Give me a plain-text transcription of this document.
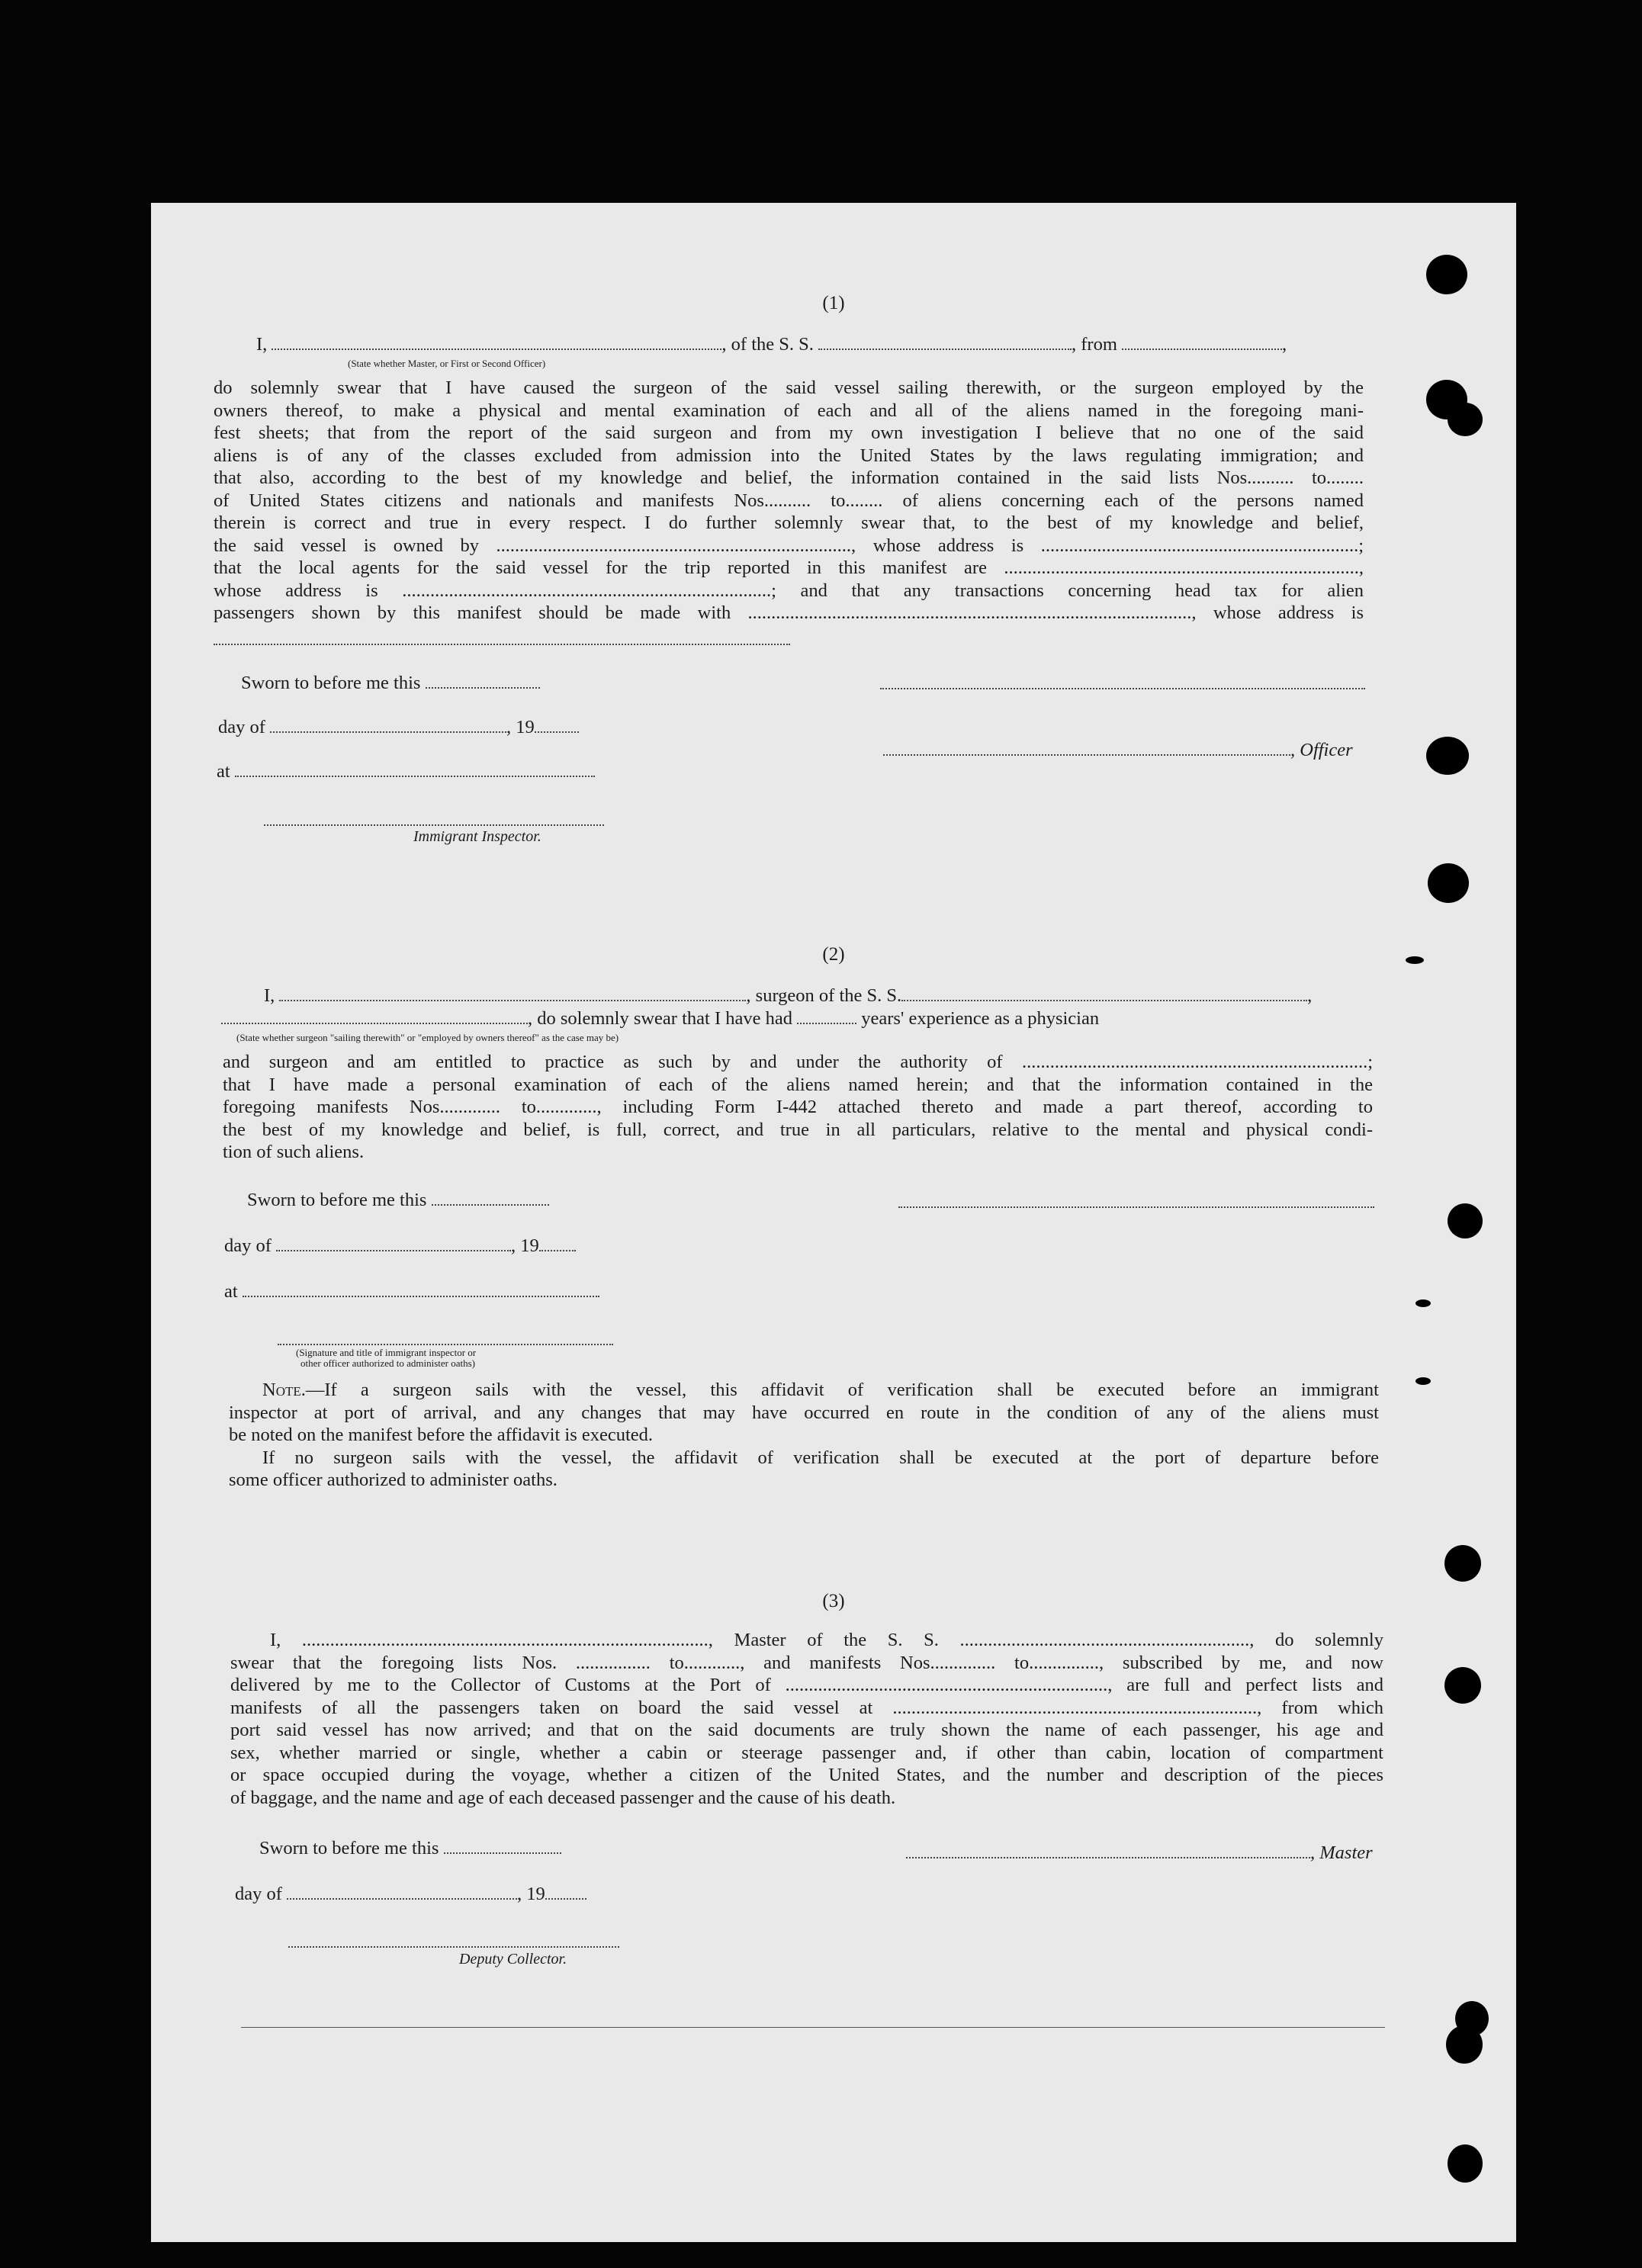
(1)
I,	, of the S. S.	, from	,
(State whether Master, or First or Second Officer)
do solemnly swear that I have caused the surgeon of the said vessel sailing therewith, or the surgeon employed by the
owners thereof, to make a physical and mental examination of each and all of the aliens named in the foregoing mani-
fest sheets; that from the report of the said surgeon and from my own investigation I believe that no one of the said
aliens is of any of the classes excluded from admission into the United States by the laws regulating immigration; and
that also, according to the best of my knowledge and belief, the information contained in the said lists Nos.......... to........
of United States citizens and nationals and manifests Nos.......... to........ of aliens concerning each of the persons named
therein is correct and true in every respect. I do further solemnly swear that, to the best of my knowledge and belief,
the said vessel is owned by ............................................................................, whose address is ....................................................................;
that the local agents for the said vessel for the trip reported in this manifest are ............................................................................,
whose address is ...............................................................................; and that any transactions concerning head tax for alien
passengers shown by this manifest should be made with ..............................................................................................., whose address is
Sworn to before me this
day of	, 19
, Officer
at
Immigrant Inspector.
(2)
I,	, surgeon of the S. S.	,
, do solemnly swear that I have had	years' experience as a physician
(State whether surgeon "sailing therewith" or "employed by owners thereof" as the case may be)
and surgeon and am entitled to practice as such by and under the authority of ..........................................................................;
that I have made a personal examination of each of the aliens named herein; and that the information contained in the
foregoing manifests Nos............. to............., including Form I-442 attached thereto and made a part thereof, according to
the best of my knowledge and belief, is full, correct, and true in all particulars, relative to the mental and physical condi-
tion of such aliens.
Sworn to before me this
day of	, 19
at
(Signature and title of immigrant inspector or
other officer authorized to administer oaths)
Note.—If a surgeon sails with the vessel, this affidavit of verification shall be executed before an immigrant
inspector at port of arrival, and any changes that may have occurred en route in the condition of any of the aliens must
be noted on the manifest before the affidavit is executed.
If no surgeon sails with the vessel, the affidavit of verification shall be executed at the port of departure before
some officer authorized to administer oaths.
(3)
I, ......................................................................................., Master of the S. S. .............................................................., do solemnly
swear that the foregoing lists Nos. ................ to............, and manifests Nos.............. to..............., subscribed by me, and now
delivered by me to the Collector of Customs at the Port of ....................................................................., are full and perfect lists and
manifests of all the passengers taken on board the said vessel at .............................................................................., from which
port said vessel has now arrived; and that on the said documents are truly shown the name of each passenger, his age and
sex, whether married or single, whether a cabin or steerage passenger and, if other than cabin, location of compartment
or space occupied during the voyage, whether a citizen of the United States, and the number and description of the pieces
of baggage, and the name and age of each deceased passenger and the cause of his death.
Sworn to before me this	, Master
day of	, 19
Deputy Collector.
